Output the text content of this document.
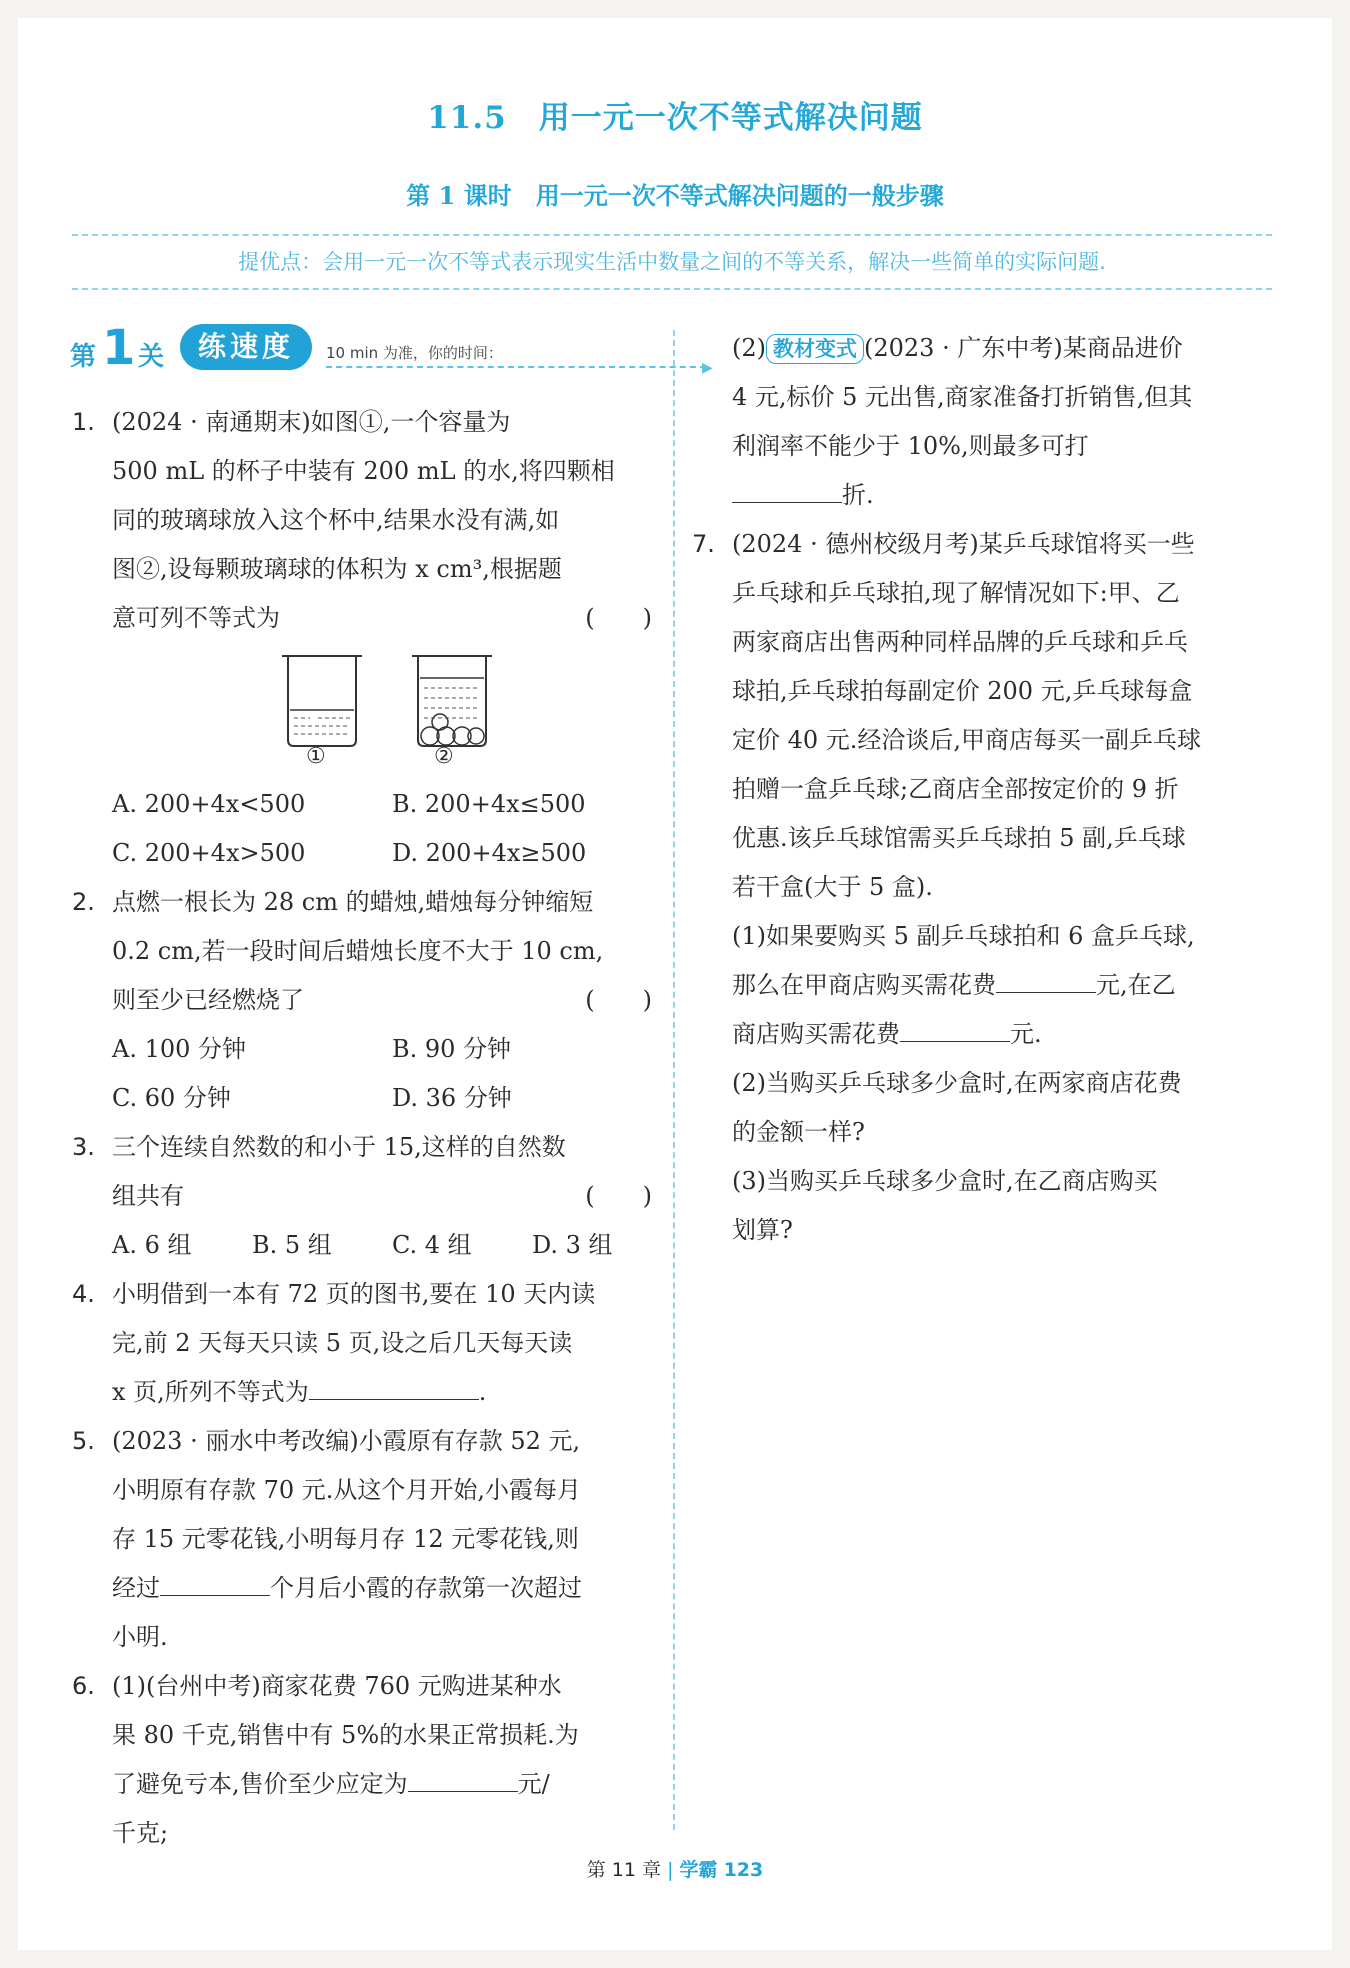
11.5　用一元一次不等式解决问题
第 1 课时　用一元一次不等式解决问题的一般步骤
提优点：会用一元一次不等式表示现实生活中数量之间的不等关系，解决一些简单的实际问题.
第 1 关	练速度	10 min 为准，你的时间：
▶
1. (2024 · 南通期末)如图①,一个容量为
500 mL 的杯子中装有 200 mL 的水,将四颗相
同的玻璃球放入这个杯中,结果水没有满,如
图②,设每颗玻璃球的体积为 x cm³,根据题
意可列不等式为	(　　)
①	②
A. 200+4x<500	B. 200+4x≤500
C. 200+4x>500	D. 200+4x≥500
2. 点燃一根长为 28 cm 的蜡烛,蜡烛每分钟缩短
0.2 cm,若一段时间后蜡烛长度不大于 10 cm,
则至少已经燃烧了	(　　)
A. 100 分钟	B. 90 分钟
C. 60 分钟	D. 36 分钟
3. 三个连续自然数的和小于 15,这样的自然数
组共有	(　　)
A. 6 组	B. 5 组	C. 4 组	D. 3 组
4. 小明借到一本有 72 页的图书,要在 10 天内读
完,前 2 天每天只读 5 页,设之后几天每天读
x 页,所列不等式为	.
5. (2023 · 丽水中考改编)小霞原有存款 52 元,
小明原有存款 70 元.从这个月开始,小霞每月
存 15 元零花钱,小明每月存 12 元零花钱,则
经过	个月后小霞的存款第一次超过
小明.
6. (1)(台州中考)商家花费 760 元购进某种水
果 80 千克,销售中有 5%的水果正常损耗.为
了避免亏本,售价至少应定为	元/
千克;
(2) 教材变式 (2023 · 广东中考)某商品进价
4 元,标价 5 元出售,商家准备打折销售,但其
利润率不能少于 10%,则最多可打
折.
7. (2024 · 德州校级月考)某乒乓球馆将买一些
乒乓球和乒乓球拍,现了解情况如下:甲、乙
两家商店出售两种同样品牌的乒乓球和乒乓
球拍,乒乓球拍每副定价 200 元,乒乓球每盒
定价 40 元.经洽谈后,甲商店每买一副乒乓球
拍赠一盒乒乓球;乙商店全部按定价的 9 折
优惠.该乒乓球馆需买乒乓球拍 5 副,乒乓球
若干盒(大于 5 盒).
(1)如果要购买 5 副乒乓球拍和 6 盒乒乓球,
那么在甲商店购买需花费	元,在乙
商店购买需花费	元.
(2)当购买乒乓球多少盒时,在两家商店花费
的金额一样?
(3)当购买乒乓球多少盒时,在乙商店购买
划算?
第 11 章 | 学霸 123
